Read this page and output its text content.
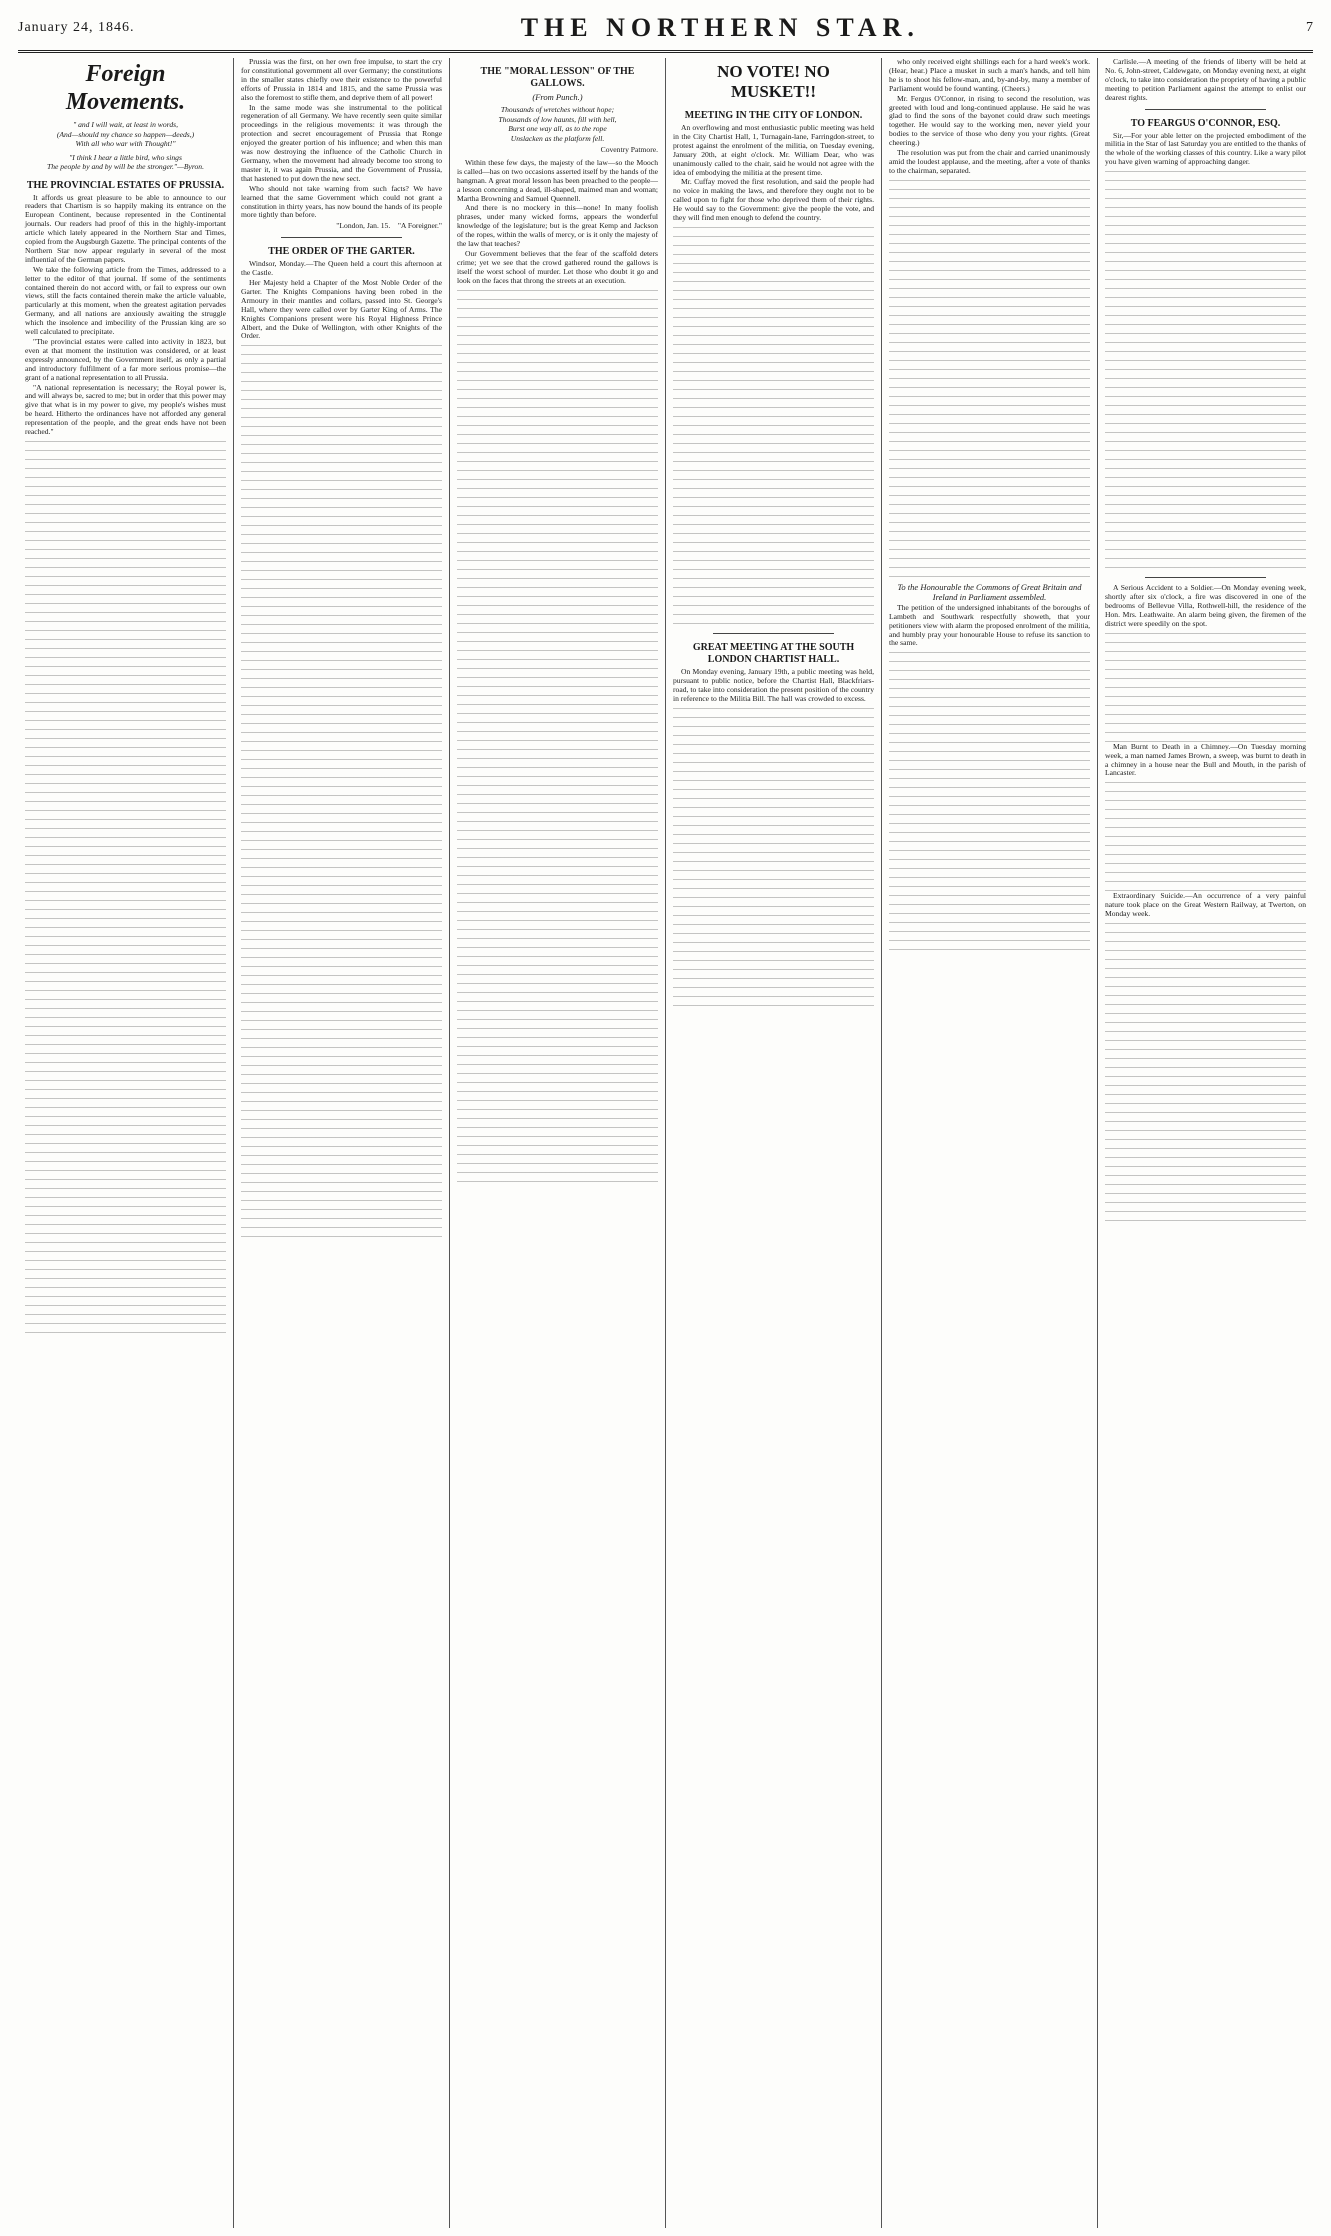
January 24, 1846.	THE NORTHERN STAR.	7
Foreign Movements.
" and I will wait, at least in words,
(And—should my chance so happen—deeds,)
With all who war with Thought!"
"I think I hear a little bird, who sings
The people by and by will be the stronger."—Byron.
THE PROVINCIAL ESTATES OF PRUSSIA.

It affords us great pleasure to be able to announce to our readers that Chartism is so happily making its entrance on the European Continent, because represented in the Continental journals. Our readers had proof of this in the highly-important article which lately appeared in the Northern Star and Times, copied from the Augsburgh Gazette. The principal contents of the Northern Star now appear regularly in several of the most influential of the German papers.

We take the following article from the Times, addressed to a letter to the editor of that journal. If some of the sentiments contained therein do not accord with, or fail to express our own views, still the facts contained therein make the article valuable, particularly at this moment, when the greatest agitation pervades Germany, and all nations are anxiously awaiting the struggle which the insolence and imbecility of the Prussian king are so well calculated to precipitate.

"The provincial estates were called into activity in 1823, but even at that moment the institution was considered, or at least expressly announced, by the Government itself, as only a partial and introductory fulfilment of a far more serious promise—the grant of a national representation to all Prussia.

"A national representation is necessary; the Royal power is, and will always be, sacred to me; but in order that this power may give that what is in my power to give, my people's wishes must be heard. Hitherto the ordinances have not afforded any general representation of the people, and the great ends have not been reached."

Prussia was the first, on her own free impulse, to start the cry for constitutional government all over Germany; the constitutions in the smaller states chiefly owe their existence to the powerful efforts of Prussia in 1814 and 1815, and the same Prussia was also the foremost to stifle them, and deprive them of all power!

In the same mode was she instrumental to the political regeneration of all Germany. We have recently seen quite similar proceedings in the religious movements: it was through the protection and secret encouragement of Prussia that Ronge enjoyed the greater portion of his influence; and when this man was now destroying the influence of the Catholic Church in Germany, when the movement had already become too strong to master it, it was again Prussia, and the Government of Prussia, that hastened to put down the new sect.

Who should not take warning from such facts? We have learned that the same Government which could not grant a constitution in thirty years, has now bound the hands of its people more tightly than before.

"London, Jan. 15. "A Foreigner."
THE ORDER OF THE GARTER.

Windsor, Monday.—The Queen held a court this afternoon at the Castle.

Her Majesty held a Chapter of the Most Noble Order of the Garter. The Knights Companions having been robed in the Armoury in their mantles and collars, passed into St. George's Hall, where they were called over by Garter King of Arms. The Knights Companions present were his Royal Highness Prince Albert, and the Duke of Wellington, with other Knights of the Order.

THE "MORAL LESSON" OF THE GALLOWS.
(From Punch.)
Thousands of wretches without hope;
Thousands of low haunts, fill with hell,
Burst one way all, as to the rope
Unslacken as the platform fell.
Coventry Patmore.

Within these few days, the majesty of the law—so the Mooch is called—has on two occasions asserted itself by the hands of the hangman. A great moral lesson has been preached to the people—a lesson concerning a dead, ill-shaped, maimed man and woman; Martha Browning and Samuel Quennell.

And there is no mockery in this—none! In many foolish phrases, under many wicked forms, appears the wonderful knowledge of the legislature; but is the great Kemp and Jackson of the ropes, within the walls of mercy, or is it only the majesty of the law that teaches?

Our Government believes that the fear of the scaffold deters crime; yet we see that the crowd gathered round the gallows is itself the worst school of murder. Let those who doubt it go and look on the faces that throng the streets at an execution.

NO VOTE! NO MUSKET!!
MEETING IN THE CITY OF LONDON.

An overflowing and most enthusiastic public meeting was held in the City Chartist Hall, 1, Turnagain-lane, Farringdon-street, to protest against the enrolment of the militia, on Tuesday evening, January 20th, at eight o'clock. Mr. William Dear, who was unanimously called to the chair, said he would not agree with the idea of embodying the militia at the present time.

Mr. Cuffay moved the first resolution, and said the people had no voice in making the laws, and therefore they ought not to be called upon to fight for those who deprived them of their rights. He would say to the Government: give the people the vote, and they will find men enough to defend the country.

GREAT MEETING AT THE SOUTH LONDON CHARTIST HALL.

On Monday evening, January 19th, a public meeting was held, pursuant to public notice, before the Chartist Hall, Blackfriars-road, to take into consideration the present position of the country in reference to the Militia Bill. The hall was crowded to excess.

who only received eight shillings each for a hard week's work. (Hear, hear.) Place a musket in such a man's hands, and tell him he is to shoot his fellow-man, and, by-and-by, many a member of Parliament would be found wanting. (Cheers.)

Mr. Fergus O'Connor, in rising to second the resolution, was greeted with loud and long-continued applause. He said he was glad to find the sons of the bayonet could draw such meetings together. He would say to the working men, never yield your bodies to the service of those who deny you your rights. (Great cheering.)

The resolution was put from the chair and carried unanimously amid the loudest applause, and the meeting, after a vote of thanks to the chairman, separated.

To the Honourable the Commons of Great Britain and Ireland in Parliament assembled.

The petition of the undersigned inhabitants of the boroughs of Lambeth and Southwark respectfully showeth, that your petitioners view with alarm the proposed enrolment of the militia, and humbly pray your honourable House to refuse its sanction to the same.

Carlisle.—A meeting of the friends of liberty will be held at No. 6, John-street, Caldewgate, on Monday evening next, at eight o'clock, to take into consideration the propriety of having a public meeting to petition Parliament against the attempt to enlist our dearest rights.

TO FEARGUS O'CONNOR, ESQ.

Sir,—For your able letter on the projected embodiment of the militia in the Star of last Saturday you are entitled to the thanks of the whole of the working classes of this country. Like a wary pilot you have given warning of approaching danger.

A Serious Accident to a Soldier.—On Monday evening week, shortly after six o'clock, a fire was discovered in one of the bedrooms of Bellevue Villa, Rothwell-hill, the residence of the Hon. Mrs. Leathwaite. An alarm being given, the firemen of the district were speedily on the spot.

Man Burnt to Death in a Chimney.—On Tuesday morning week, a man named James Brown, a sweep, was burnt to death in a chimney in a house near the Bull and Mouth, in the parish of Lancaster.

Extraordinary Suicide.—An occurrence of a very painful nature took place on the Great Western Railway, at Twerton, on Monday week.
